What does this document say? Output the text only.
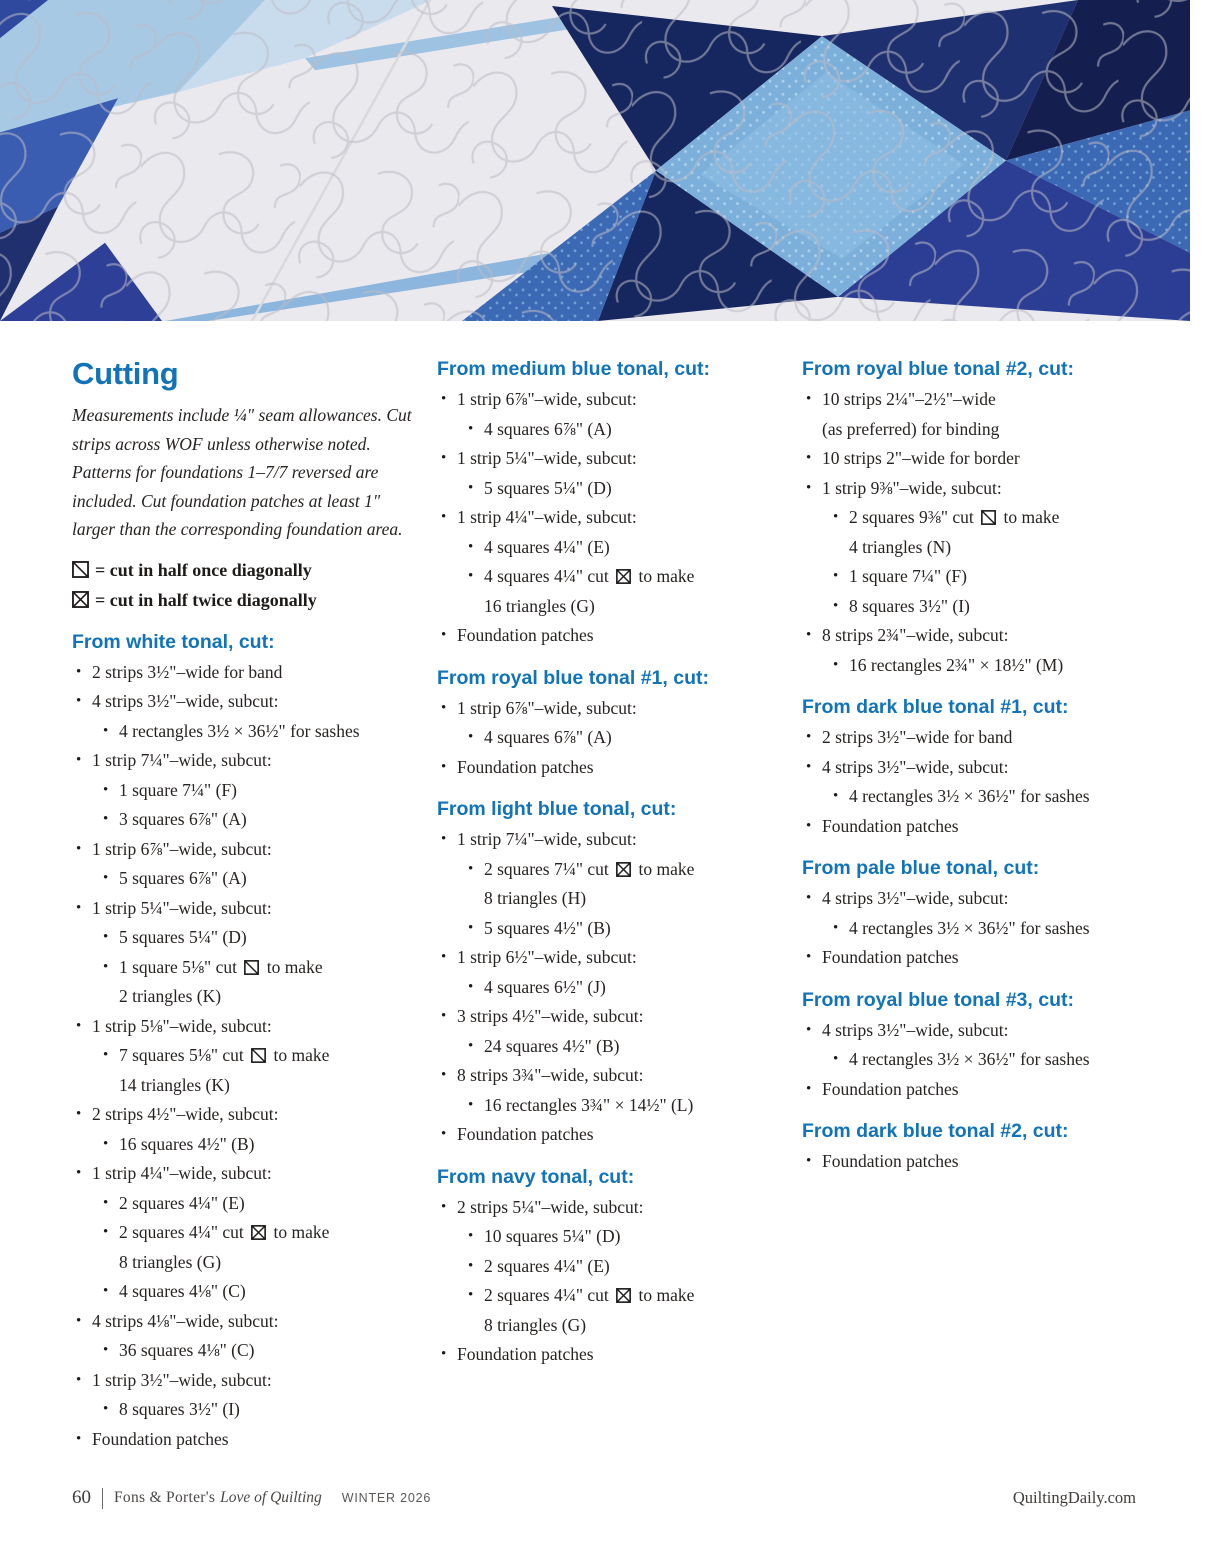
Cutting

Measurements include ¼" seam allowances. Cut strips across WOF unless otherwise noted. Patterns for foundations 1–7/7 reversed are included. Cut foundation patches at least 1" larger than the corresponding foundation area.

= cut in half once diagonally
= cut in half twice diagonally
From white tonal, cut:
• 2 strips 3½"–wide for band
• 4 strips 3½"–wide, subcut:
• 4 rectangles 3½ × 36½" for sashes
• 1 strip 7¼"–wide, subcut:
• 1 square 7¼" (F)
• 3 squares 6⅞" (A)
• 1 strip 6⅞"–wide, subcut:
• 5 squares 6⅞" (A)
• 1 strip 5¼"–wide, subcut:
• 5 squares 5¼" (D)
• 1 square 5⅛" cut  to make
2 triangles (K)
• 1 strip 5⅛"–wide, subcut:
• 7 squares 5⅛" cut  to make
14 triangles (K)
• 2 strips 4½"–wide, subcut:
• 16 squares 4½" (B)
• 1 strip 4¼"–wide, subcut:
• 2 squares 4¼" (E)
• 2 squares 4¼" cut  to make
8 triangles (G)
• 4 squares 4⅛" (C)
• 4 strips 4⅛"–wide, subcut:
• 36 squares 4⅛" (C)
• 1 strip 3½"–wide, subcut:
• 8 squares 3½" (I)
• Foundation patches
From medium blue tonal, cut:
• 1 strip 6⅞"–wide, subcut:
• 4 squares 6⅞" (A)
• 1 strip 5¼"–wide, subcut:
• 5 squares 5¼" (D)
• 1 strip 4¼"–wide, subcut:
• 4 squares 4¼" (E)
• 4 squares 4¼" cut  to make
16 triangles (G)
• Foundation patches
From royal blue tonal #1, cut:
• 1 strip 6⅞"–wide, subcut:
• 4 squares 6⅞" (A)
• Foundation patches
From light blue tonal, cut:
• 1 strip 7¼"–wide, subcut:
• 2 squares 7¼" cut  to make
8 triangles (H)
• 5 squares 4½" (B)
• 1 strip 6½"–wide, subcut:
• 4 squares 6½" (J)
• 3 strips 4½"–wide, subcut:
• 24 squares 4½" (B)
• 8 strips 3¾"–wide, subcut:
• 16 rectangles 3¾" × 14½" (L)
• Foundation patches
From navy tonal, cut:
• 2 strips 5¼"–wide, subcut:
• 10 squares 5¼" (D)
• 2 squares 4¼" (E)
• 2 squares 4¼" cut  to make
8 triangles (G)
• Foundation patches
From royal blue tonal #2, cut:
• 10 strips 2¼"–2½"–wide
(as preferred) for binding
• 10 strips 2"–wide for border
• 1 strip 9⅜"–wide, subcut:
• 2 squares 9⅜" cut  to make
4 triangles (N)
• 1 square 7¼" (F)
• 8 squares 3½" (I)
• 8 strips 2¾"–wide, subcut:
• 16 rectangles 2¾" × 18½" (M)
From dark blue tonal #1, cut:
• 2 strips 3½"–wide for band
• 4 strips 3½"–wide, subcut:
• 4 rectangles 3½ × 36½" for sashes
• Foundation patches
From pale blue tonal, cut:
• 4 strips 3½"–wide, subcut:
• 4 rectangles 3½ × 36½" for sashes
• Foundation patches
From royal blue tonal #3, cut:
• 4 strips 3½"–wide, subcut:
• 4 rectangles 3½ × 36½" for sashes
• Foundation patches
From dark blue tonal #2, cut:
• Foundation patches
60 Fons & Porter's Love of Quilting WINTER 2026	QuiltingDaily.com
